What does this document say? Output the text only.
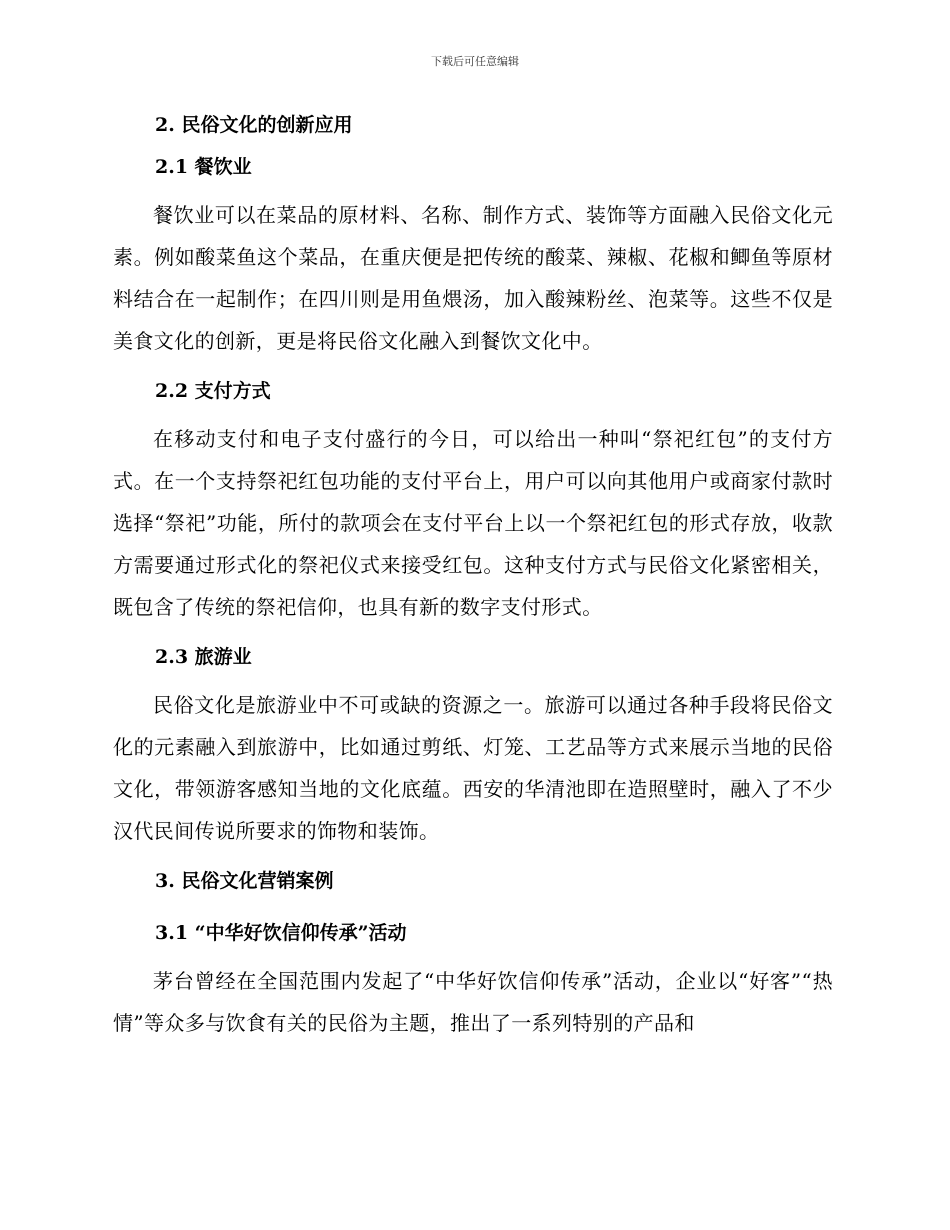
下载后可任意编辑
2. 民俗文化的创新应用
2.1 餐饮业

餐饮业可以在菜品的原材料、名称、制作方式、装饰等方面融入民俗文化元素。例如酸菜鱼这个菜品，在重庆便是把传统的酸菜、辣椒、花椒和鲫鱼等原材料结合在一起制作；在四川则是用鱼煨汤，加入酸辣粉丝、泡菜等。这些不仅是美食文化的创新，更是将民俗文化融入到餐饮文化中。

2.2 支付方式

在移动支付和电子支付盛行的今日，可以给出一种叫“祭祀红包”的支付方式。在一个支持祭祀红包功能的支付平台上，用户可以向其他用户或商家付款时选择“祭祀”功能，所付的款项会在支付平台上以一个祭祀红包的形式存放，收款方需要通过形式化的祭祀仪式来接受红包。这种支付方式与民俗文化紧密相关，既包含了传统的祭祀信仰，也具有新的数字支付形式。

2.3 旅游业

民俗文化是旅游业中不可或缺的资源之一。旅游可以通过各种手段将民俗文化的元素融入到旅游中，比如通过剪纸、灯笼、工艺品等方式来展示当地的民俗文化，带领游客感知当地的文化底蕴。西安的华清池即在造照壁时，融入了不少汉代民间传说所要求的饰物和装饰。

3. 民俗文化营销案例
3.1 “中华好饮信仰传承”活动

茅台曾经在全国范围内发起了“中华好饮信仰传承”活动，企业以“好客”“热情”等众多与饮食有关的民俗为主题，推出了一系列特别的产品和
